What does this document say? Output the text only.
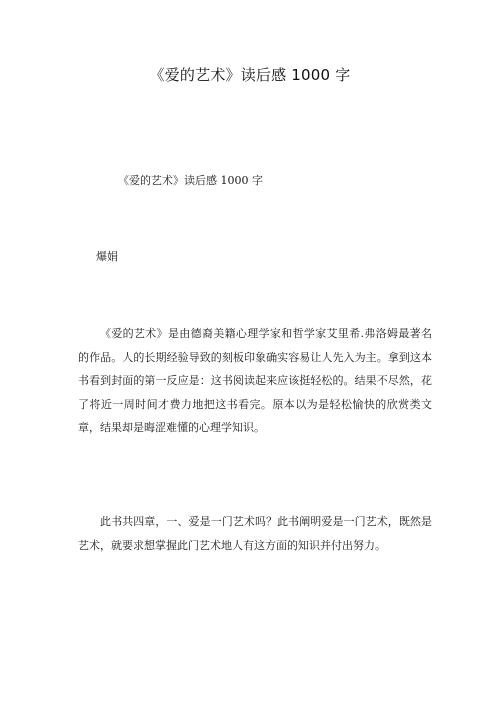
《爱的艺术》读后感 1000 字
《爱的艺术》读后感 1000 字
爆娟

《爱的艺术》是由德裔美籍心理学家和哲学家艾里希.弗洛姆最著名的作品。人的长期经验导致的刻板印象确实容易让人先入为主。拿到这本书看到封面的第一反应是：这书阅读起来应该挺轻松的。结果不尽然，花了将近一周时间才费力地把这书看完。原本以为是轻松愉快的欣赏类文章，结果却是晦涩难懂的心理学知识。

此书共四章，一、爱是一门艺术吗？此书阐明爱是一门艺术，既然是艺术，就要求想掌握此门艺术地人有这方面的知识并付出努力。
